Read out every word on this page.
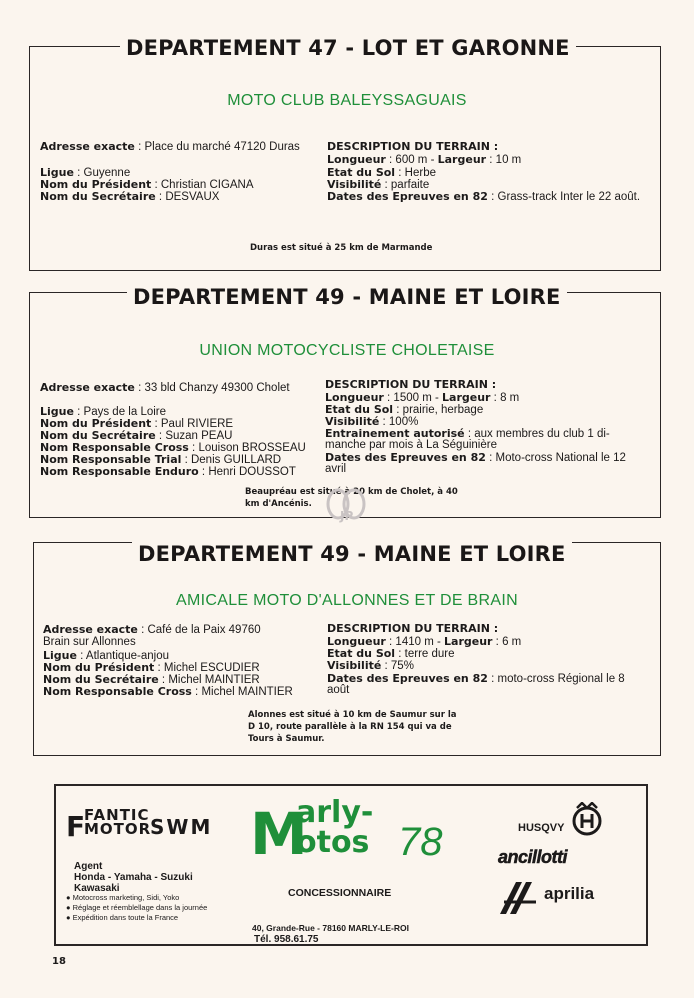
DEPARTEMENT 47 - LOT ET GARONNE
MOTO CLUB BALEYSSAGUAIS
Adresse exacte : Place du marché 47120 Duras
Ligue : Guyenne
Nom du Président : Christian CIGANA
Nom du Secrétaire : DESVAUX
DESCRIPTION DU TERRAIN :
Longueur : 600 m - Largeur : 10 m
Etat du Sol : Herbe
Visibilité : parfaite
Dates des Epreuves en 82 : Grass-track Inter le 22 août.
Duras est situé à 25 km de Marmande
DEPARTEMENT 49 - MAINE ET LOIRE
UNION MOTOCYCLISTE CHOLETAISE
Adresse exacte : 33 bld Chanzy 49300 Cholet
Ligue : Pays de la Loire
Nom du Président : Paul RIVIERE
Nom du Secrétaire : Suzan PEAU
Nom Responsable Cross : Louison BROSSEAU
Nom Responsable Trial : Denis GUILLARD
Nom Responsable Enduro : Henri DOUSSOT
DESCRIPTION DU TERRAIN :
Longueur : 1500 m - Largeur : 8 m
Etat du Sol : prairie, herbage
Visibilité : 100%
Entrainement autorisé : aux membres du club 1 di-
manche par mois à La Séguinière
Dates des Epreuves en 82 : Moto-cross National le 12
avril
Beaupréau est situé à 20 km de Cholet, à 40
km d'Ancénis.
JP
DEPARTEMENT 49 - MAINE ET LOIRE
AMICALE MOTO D'ALLONNES ET DE BRAIN
Adresse exacte : Café de la Paix 49760
Brain sur Allonnes
Ligue : Atlantique-anjou
Nom du Président : Michel ESCUDIER
Nom du Secrétaire : Michel MAINTIER
Nom Responsable Cross : Michel MAINTIER
DESCRIPTION DU TERRAIN :
Longueur : 1410 m - Largeur : 6 m
Etat du Sol : terre dure
Visibilité : 75%
Dates des Epreuves en 82 : moto-cross Régional le 8
août
Alonnes est situé à 10 km de Saumur sur la
D 10, route parallèle à la RN 154 qui va de
Tours à Saumur.
F
FANTIC
MOTOR
SWM
Agent
Honda - Yamaha - Suzuki
Kawasaki
● Motocross marketing, Sidi, Yoko
● Réglage et réemblellage dans la journée
● Expédition dans toute la France
M
arly-
otos 78
CONCESSIONNAIRE
40, Grande-Rue - 78160 MARLY-LE-ROI
Tél. 958.61.75
HUSQVY
ancillotti
aprilia
18
